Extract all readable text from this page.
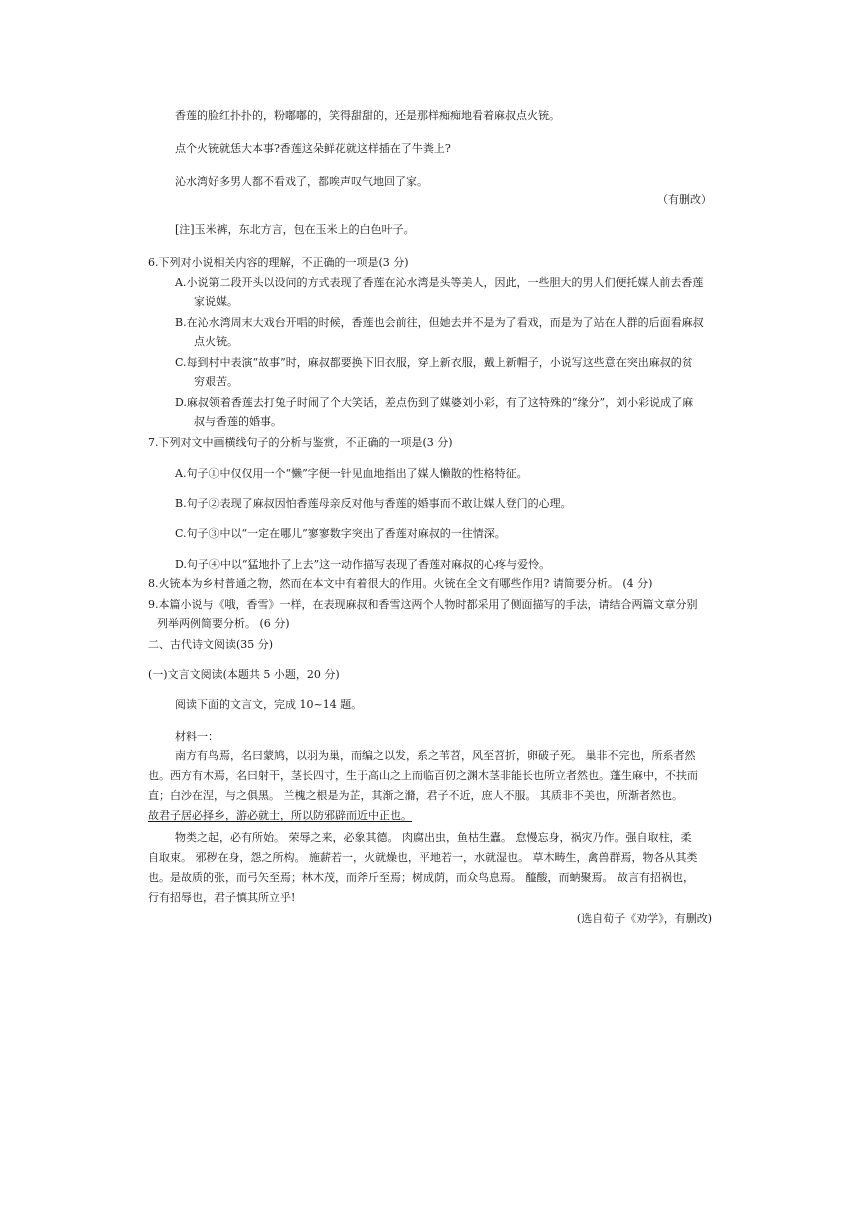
香莲的脸红扑扑的，粉嘟嘟的，笑得甜甜的，还是那样痴痴地看着麻叔点火铳。

点个火铳就恁大本事?香莲这朵鲜花就这样插在了牛粪上?

沁水湾好多男人都不看戏了，都唉声叹气地回了家。

（有删改）

[注]玉米裤，东北方言，包在玉米上的白色叶子。

6.下列对小说相关内容的理解，不正确的一项是(3 分)

A.小说第二段开头以设问的方式表现了香莲在沁水湾是头等美人，因此，一些胆大的男人们便托媒人前去香莲

家说媒。

B.在沁水湾周末大戏台开唱的时候，香莲也会前往，但她去并不是为了看戏，而是为了站在人群的后面看麻叔

点火铳。

C.每到村中表演“故事”时，麻叔都要换下旧衣服，穿上新衣服，戴上新帽子，小说写这些意在突出麻叔的贫

穷艰苦。

D.麻叔领着香莲去打兔子时闹了个大笑话，差点伤到了媒婆刘小彩，有了这特殊的“缘分”，刘小彩说成了麻

叔与香莲的婚事。

7.下列对文中画横线句子的分析与鉴赏，不正确的一项是(3 分)

A.句子①中仅仅用一个“懒”字便一针见血地指出了媒人懒散的性格特征。

B.句子②表现了麻叔因怕香莲母亲反对他与香莲的婚事而不敢让媒人登门的心理。

C.句子③中以“一定在哪儿”寥寥数字突出了香莲对麻叔的一往情深。

D.句子④中以“猛地扑了上去”这一动作描写表现了香莲对麻叔的心疼与爱怜。

8.火铳本为乡村普通之物，然而在本文中有着很大的作用。火铳在全文有哪些作用? 请简要分析。 (4 分)

9.本篇小说与《哦，香雪》一样，在表现麻叔和香雪这两个人物时都采用了侧面描写的手法，请结合两篇文章分别

列举两例简要分析。 (6 分)

二、古代诗文阅读(35 分)

(一)文言文阅读(本题共 5 小题，20 分)

阅读下面的文言文，完成 10~14 题。

材料一：

南方有鸟焉，名曰蒙鸠，以羽为巢，而编之以发，系之苇苕，风至苕折，卵破子死。 巢非不完也，所系者然

也。西方有木焉，名曰射干，茎长四寸，生于高山之上而临百仞之渊木茎非能长也所立者然也。蓬生麻中，不扶而

直；白沙在涅，与之俱黑。 兰槐之根是为芷，其渐之滫，君子不近，庶人不服。 其质非不美也，所渐者然也。

故君子居必择乡，游必就士，所以防邪辟而近中正也。

物类之起，必有所始。 荣辱之来，必象其德。 肉腐出虫，鱼枯生蠹。 怠慢忘身，祸灾乃作。强自取柱，柔

自取束。 邪秽在身，怨之所构。 施薪若一，火就燥也，平地若一，水就湿也。 草木畴生，禽兽群焉，物各从其类

也。是故质的张，而弓矢至焉；林木茂，而斧斤至焉；树成荫，而众鸟息焉。 醯酸，而蚋聚焉。 故言有招祸也，

行有招辱也，君子慎其所立乎!

(选自荀子《劝学》，有删改)
